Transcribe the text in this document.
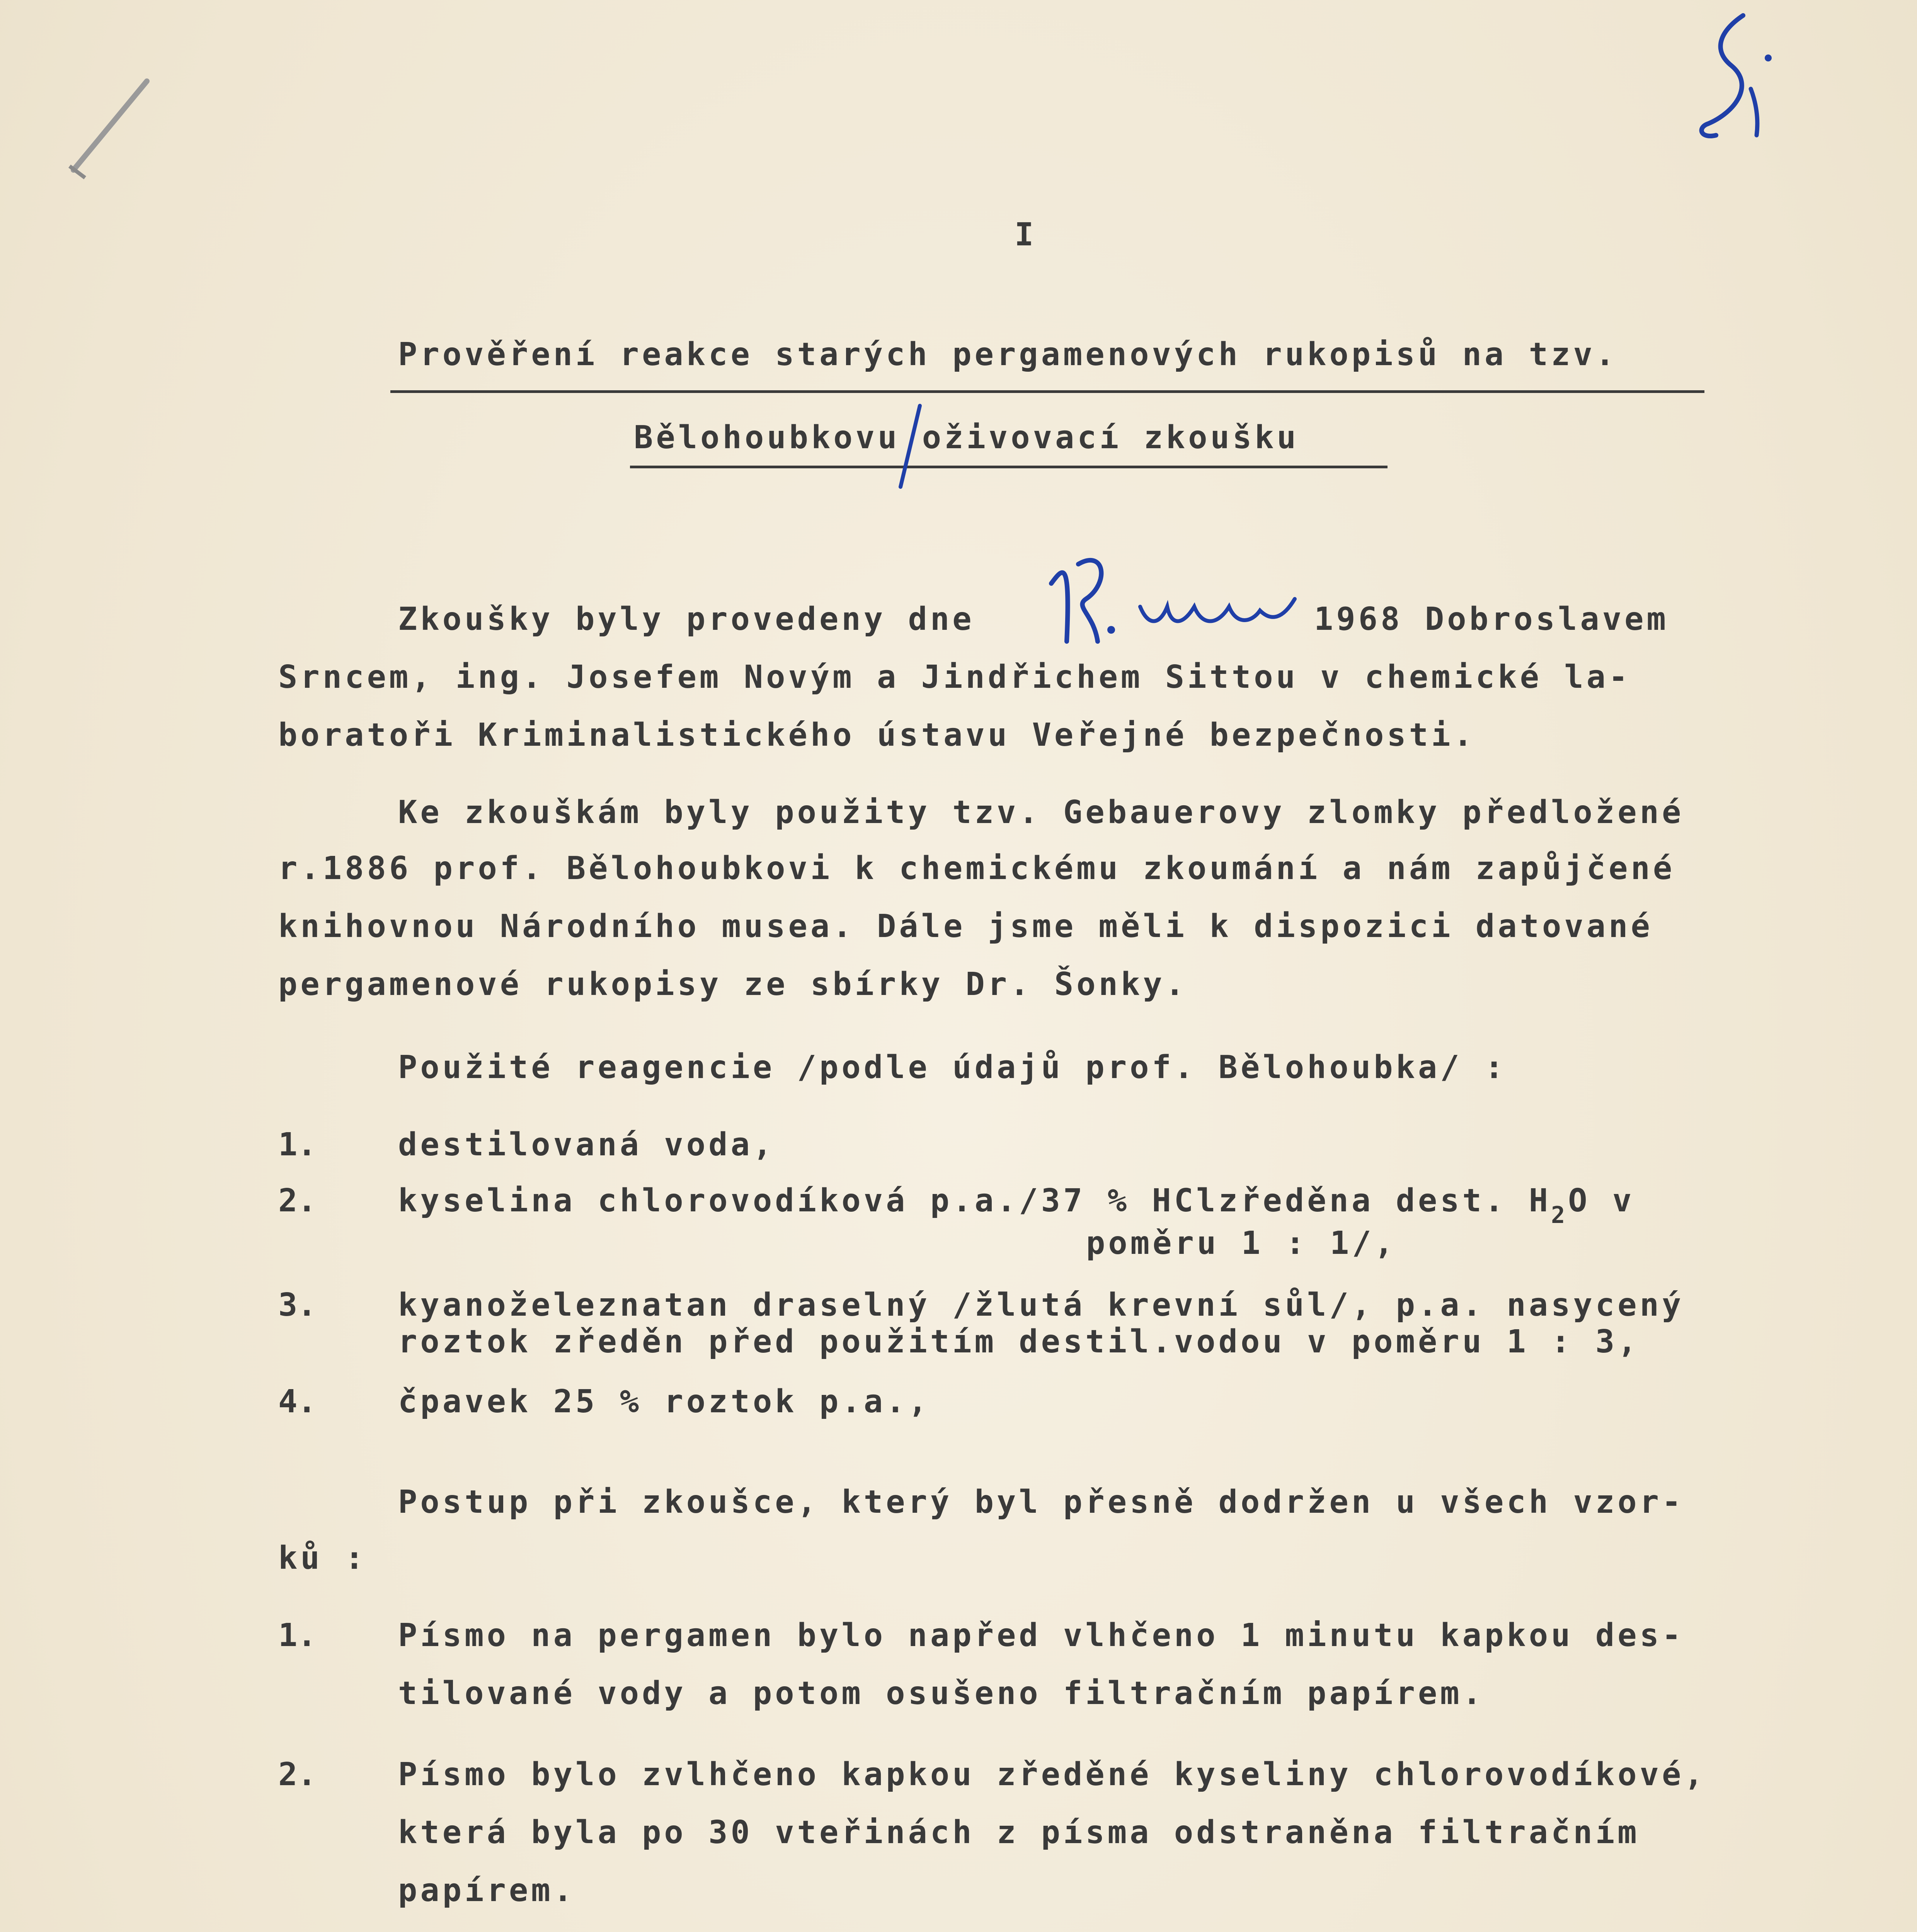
I
Prověření reakce starých pergamenových rukopisů na tzv.
Bělohoubkovu oživovací zkoušku
Zkoušky byly provedeny dne	1968 Dobroslavem
Srncem, ing. Josefem Novým a Jindřichem Sittou v chemické la-
boratoři Kriminalistického ústavu Veřejné bezpečnosti.
Ke zkouškám byly použity tzv. Gebauerovy zlomky předložené
r.1886 prof. Bělohoubkovi k chemickému zkoumání a nám zapůjčené
knihovnou Národního musea. Dále jsme měli k dispozici datované
pergamenové rukopisy ze sbírky Dr. Šonky.
Použité reagencie /podle údajů prof. Bělohoubka/ :
1.	destilovaná voda,
2.	kyselina chlorovodíková p.a./37 % HClzředěna dest. $H_2O$ v
poměru 1 : 1/,
3.	kyanoželeznatan draselný /žlutá krevní sůl/, p.a. nasycený
roztok zředěn před použitím destil.vodou v poměru 1 : 3,
4.	čpavek 25 % roztok p.a.,
Postup při zkoušce, který byl přesně dodržen u všech vzor-
ků :
1.	Písmo na pergamen bylo napřed vlhčeno 1 minutu kapkou des-
tilované vody a potom osušeno filtračním papírem.
2.	Písmo bylo zvlhčeno kapkou zředěné kyseliny chlorovodíkové,
která byla po 30 vteřinách z písma odstraněna filtračním
papírem.
